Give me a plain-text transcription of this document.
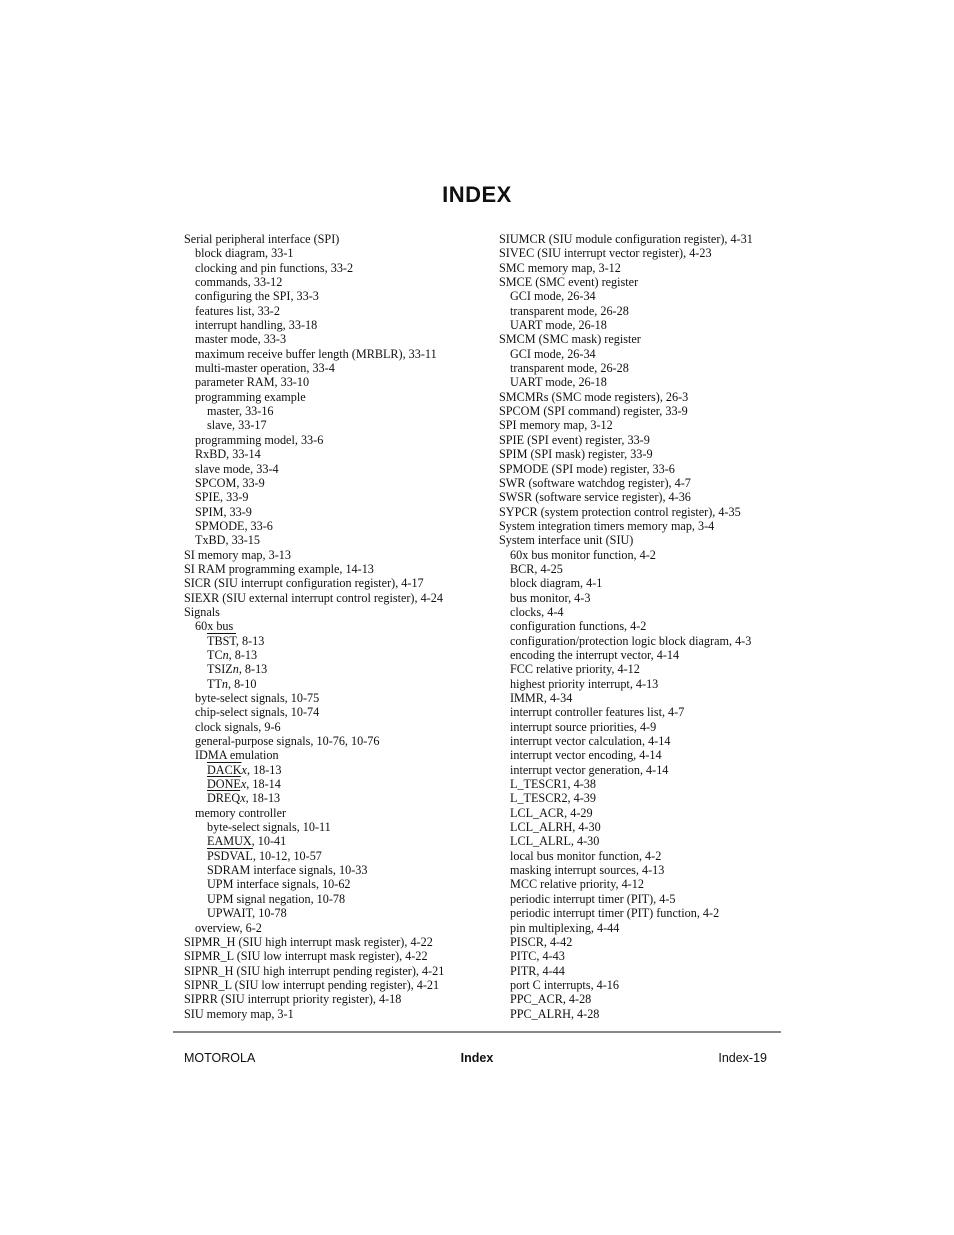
INDEX
Serial peripheral interface (SPI)
block diagram, 33-1
clocking and pin functions, 33-2
commands, 33-12
configuring the SPI, 33-3
features list, 33-2
interrupt handling, 33-18
master mode, 33-3
maximum receive buffer length (MRBLR), 33-11
multi-master operation, 33-4
parameter RAM, 33-10
programming example
master, 33-16
slave, 33-17
programming model, 33-6
RxBD, 33-14
slave mode, 33-4
SPCOM, 33-9
SPIE, 33-9
SPIM, 33-9
SPMODE, 33-6
TxBD, 33-15
SI memory map, 3-13
SI RAM programming example, 14-13
SICR (SIU interrupt configuration register), 4-17
SIEXR (SIU external interrupt control register), 4-24
Signals
60x bus
TBST, 8-13
TCn, 8-13
TSIZn, 8-13
TTn, 8-10
byte-select signals, 10-75
chip-select signals, 10-74
clock signals, 9-6
general-purpose signals, 10-76, 10-76
IDMA emulation
DACKx, 18-13
DONEx, 18-14
DREQx, 18-13
memory controller
byte-select signals, 10-11
EAMUX, 10-41
PSDVAL, 10-12, 10-57
SDRAM interface signals, 10-33
UPM interface signals, 10-62
UPM signal negation, 10-78
UPWAIT, 10-78
overview, 6-2
SIPMR_H (SIU high interrupt mask register), 4-22
SIPMR_L (SIU low interrupt mask register), 4-22
SIPNR_H (SIU high interrupt pending register), 4-21
SIPNR_L (SIU low interrupt pending register), 4-21
SIPRR (SIU interrupt priority register), 4-18
SIU memory map, 3-1
SIUMCR (SIU module configuration register), 4-31
SIVEC (SIU interrupt vector register), 4-23
SMC memory map, 3-12
SMCE (SMC event) register
GCI mode, 26-34
transparent mode, 26-28
UART mode, 26-18
SMCM (SMC mask) register
GCI mode, 26-34
transparent mode, 26-28
UART mode, 26-18
SMCMRs (SMC mode registers), 26-3
SPCOM (SPI command) register, 33-9
SPI memory map, 3-12
SPIE (SPI event) register, 33-9
SPIM (SPI mask) register, 33-9
SPMODE (SPI mode) register, 33-6
SWR (software watchdog register), 4-7
SWSR (software service register), 4-36
SYPCR (system protection control register), 4-35
System integration timers memory map, 3-4
System interface unit (SIU)
60x bus monitor function, 4-2
BCR, 4-25
block diagram, 4-1
bus monitor, 4-3
clocks, 4-4
configuration functions, 4-2
configuration/protection logic block diagram, 4-3
encoding the interrupt vector, 4-14
FCC relative priority, 4-12
highest priority interrupt, 4-13
IMMR, 4-34
interrupt controller features list, 4-7
interrupt source priorities, 4-9
interrupt vector calculation, 4-14
interrupt vector encoding, 4-14
interrupt vector generation, 4-14
L_TESCR1, 4-38
L_TESCR2, 4-39
LCL_ACR, 4-29
LCL_ALRH, 4-30
LCL_ALRL, 4-30
local bus monitor function, 4-2
masking interrupt sources, 4-13
MCC relative priority, 4-12
periodic interrupt timer (PIT), 4-5
periodic interrupt timer (PIT) function, 4-2
pin multiplexing, 4-44
PISCR, 4-42
PITC, 4-43
PITR, 4-44
port C interrupts, 4-16
PPC_ACR, 4-28
PPC_ALRH, 4-28
MOTOROLA	Index	Index-19
